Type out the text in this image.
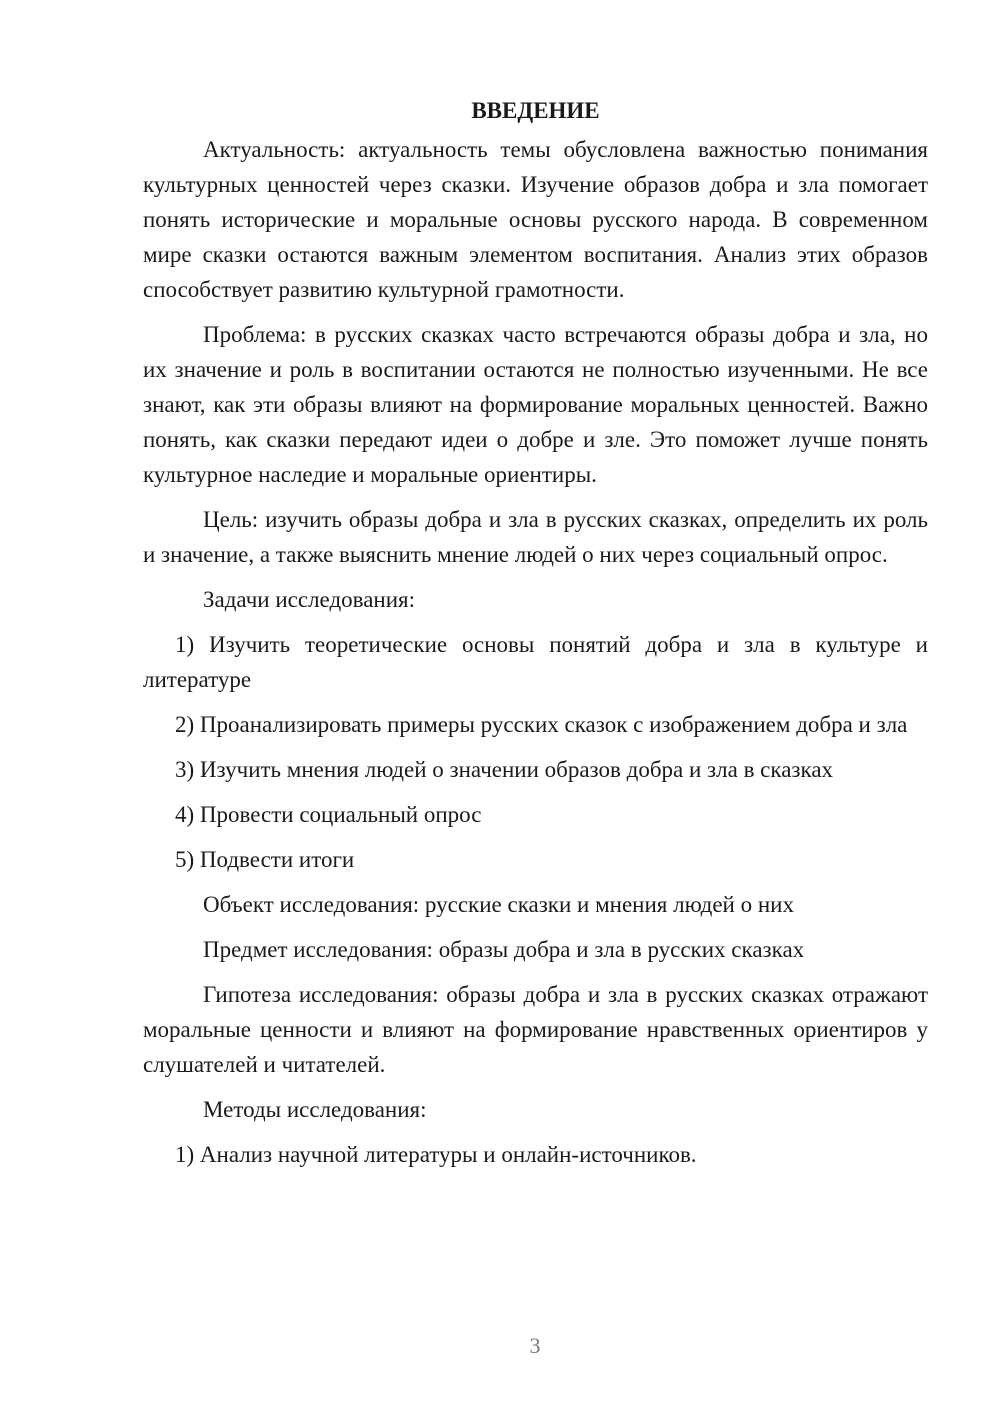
ВВЕДЕНИЕ

Актуальность: актуальность темы обусловлена важностью понимания культурных ценностей через сказки. Изучение образов добра и зла помогает понять исторические и моральные основы русского народа. В современном мире сказки остаются важным элементом воспитания. Анализ этих образов способствует развитию культурной грамотности.

Проблема: в русских сказках часто встречаются образы добра и зла, но их значение и роль в воспитании остаются не полностью изученными. Не все знают, как эти образы влияют на формирование моральных ценностей. Важно понять, как сказки передают идеи о добре и зле. Это поможет лучше понять культурное наследие и моральные ориентиры.

Цель: изучить образы добра и зла в русских сказках, определить их роль и значение, а также выяснить мнение людей о них через социальный опрос.

Задачи исследования:

1) Изучить теоретические основы понятий добра и зла в культуре и литературе

2) Проанализировать примеры русских сказок с изображением добра и зла

3) Изучить мнения людей о значении образов добра и зла в сказках

4) Провести социальный опрос

5) Подвести итоги

Объект исследования: русские сказки и мнения людей о них

Предмет исследования: образы добра и зла в русских сказках

Гипотеза исследования: образы добра и зла в русских сказках отражают моральные ценности и влияют на формирование нравственных ориентиров у слушателей и читателей.

Методы исследования:

1) Анализ научной литературы и онлайн-источников.

3
